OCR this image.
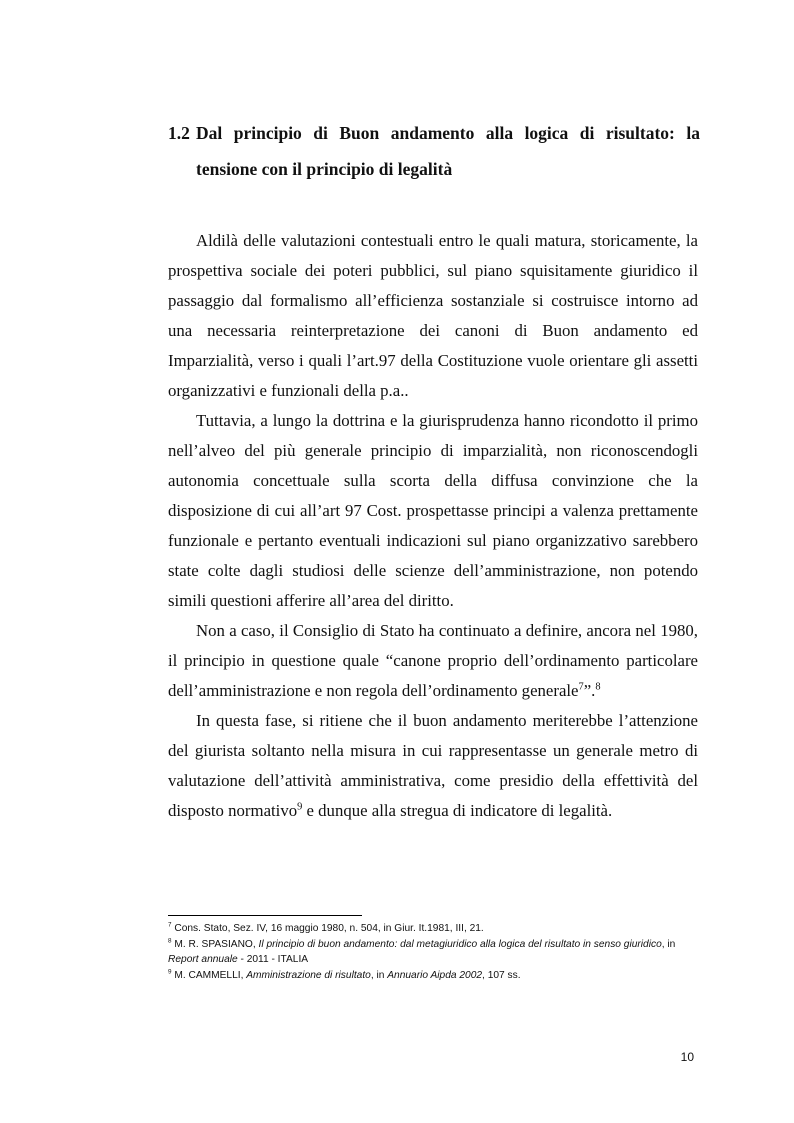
1.2 Dal principio di Buon andamento alla logica di risultato: la tensione con il principio di legalità

Aldilà delle valutazioni contestuali entro le quali matura, storicamente, la prospettiva sociale dei poteri pubblici, sul piano squisitamente giuridico il passaggio dal formalismo all’efficienza sostanziale si costruisce intorno ad una necessaria reinterpretazione dei canoni di Buon andamento ed Imparzialità, verso i quali l’art.97 della Costituzione vuole orientare gli assetti organizzativi e funzionali della p.a..

Tuttavia, a lungo la dottrina e la giurisprudenza hanno ricondotto il primo nell’alveo del più generale principio di imparzialità, non riconoscendogli autonomia concettuale sulla scorta della diffusa convinzione che la disposizione di cui all’art 97 Cost. prospettasse principi a valenza prettamente funzionale e pertanto eventuali indicazioni sul piano organizzativo sarebbero state colte dagli studiosi delle scienze dell’amministrazione, non potendo simili questioni afferire all’area del diritto.

Non a caso, il Consiglio di Stato ha continuato a definire, ancora nel 1980, il principio in questione quale “canone proprio dell’ordinamento particolare dell’amministrazione e non regola dell’ordinamento generale$^7$”.$^8$

In questa fase, si ritiene che il buon andamento meriterebbe l’attenzione del giurista soltanto nella misura in cui rappresentasse un generale metro di valutazione dell’attività amministrativa, come presidio della effettività del disposto normativo$^9$ e dunque alla stregua di indicatore di legalità.

$^7$ Cons. Stato, Sez. IV, 16 maggio 1980, n. 504, in Giur. It.1981, III, 21.

$^8$ M. R. SPASIANO, Il principio di buon andamento: dal metagiuridico alla logica del risultato in senso giuridico, in Report annuale - 2011 - ITALIA

$^9$ M. CAMMELLI, Amministrazione di risultato, in Annuario Aipda 2002, 107 ss.

10
